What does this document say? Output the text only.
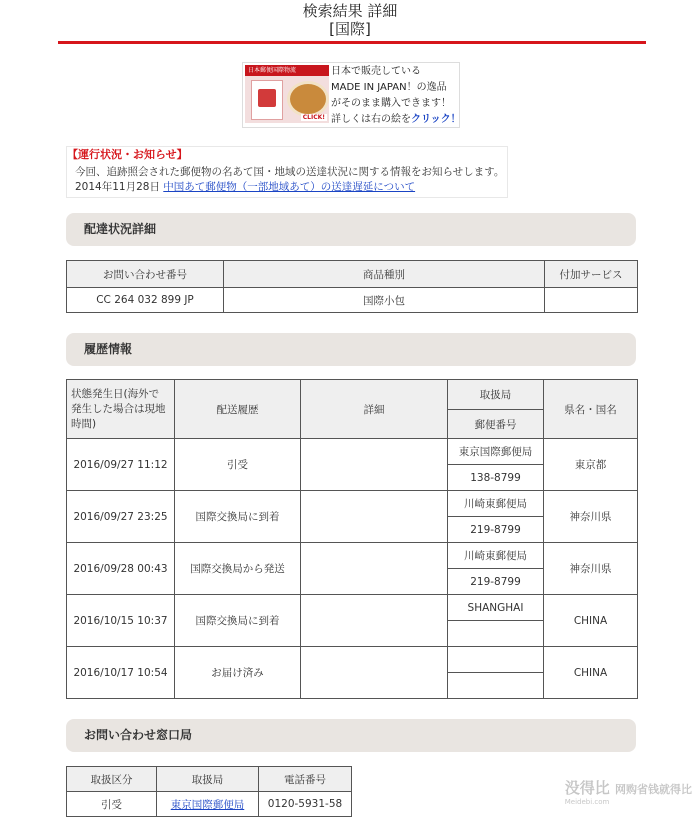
検索結果 詳細
[国際]
日本郵便国際物流
CLICK!
日本で販売している
MADE IN JAPAN！の逸品
がそのまま購入できます！
詳しくは右の絵をクリック！
【運行状況・お知らせ】
今回、追跡照会された郵便物の名あて国・地域の送達状況に関する情報をお知らせします。
2014年11月28日 中国あて郵便物（一部地域あて）の送達遅延について
配達状況詳細
お問い合わせ番号	商品種別	付加サービス
CC 264 032 899 JP	国際小包	
履歴情報
状態発生日(海外で
発生した場合は現地
時間)	配送履歴	詳細	取扱局	県名・国名
			郵便番号	
2016/09/27 11:12	引受		東京国際郵便局	東京都
			138-8799	
2016/09/27 23:25	国際交換局に到着		川崎東郵便局	神奈川県
			219-8799	
2016/09/28 00:43	国際交換局から発送		川崎東郵便局	神奈川県
			219-8799	
2016/10/15 10:37	国際交換局に到着		SHANGHAI	CHINA

2016/10/17 10:54	お届け済み			CHINA

お問い合わせ窓口局
取扱区分	取扱局	電話番号
引受	東京国際郵便局	0120-5931-58
没得比 网购省钱就得比
Meidebi.com
